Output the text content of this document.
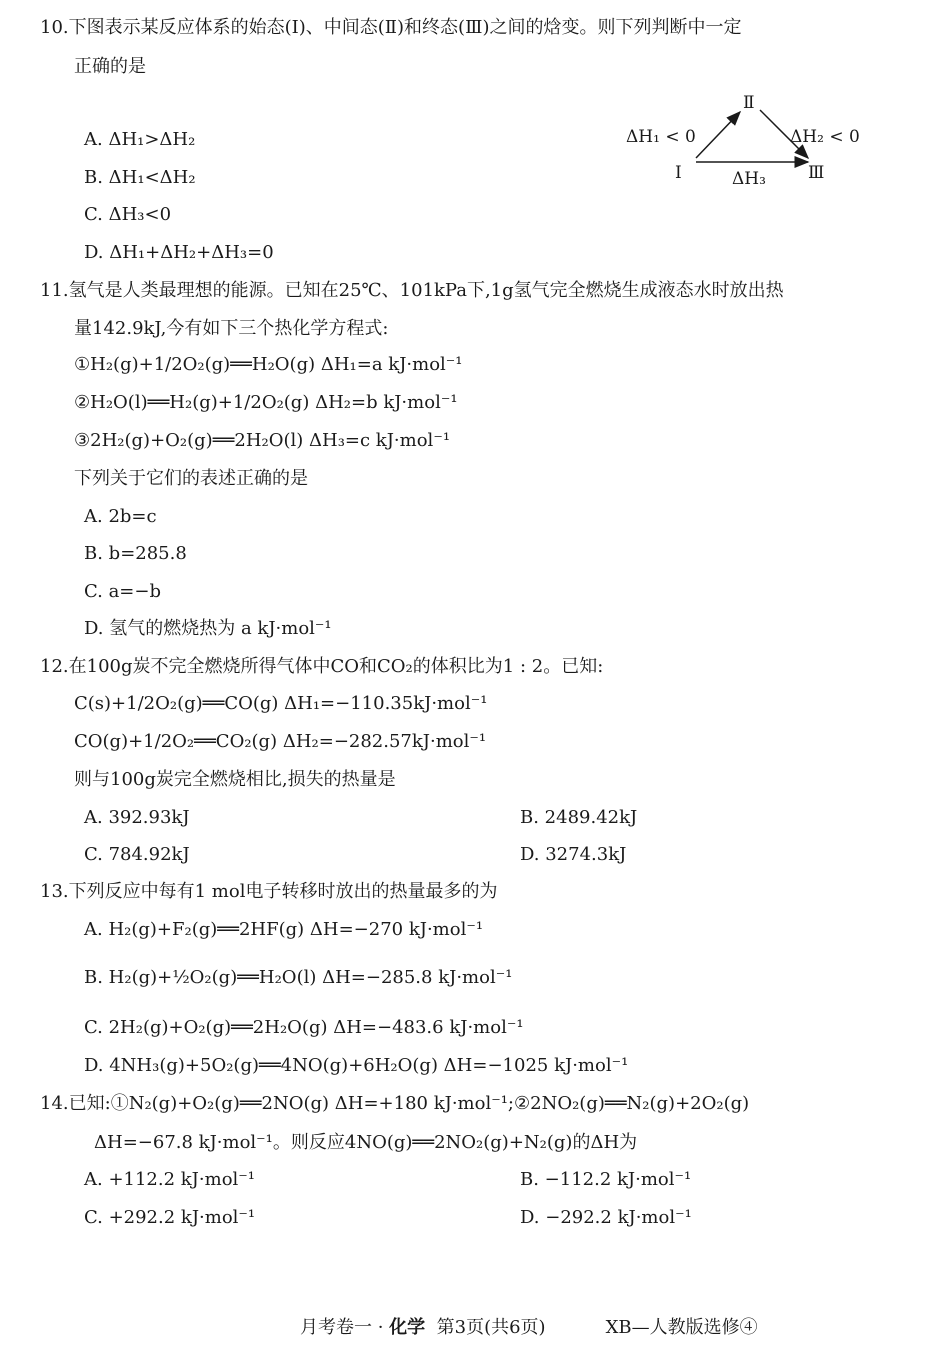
10.下图表示某反应体系的始态(Ⅰ)、中间态(Ⅱ)和终态(Ⅲ)之间的焓变。则下列判断中一定
正确的是
A. ΔH₁>ΔH₂
B. ΔH₁<ΔH₂
C. ΔH₃<0
D. ΔH₁+ΔH₂+ΔH₃=0
Ⅱ
Ⅰ	Ⅲ
ΔH₁ < 0	ΔH₂ < 0
ΔH₃
11.氢气是人类最理想的能源。已知在25℃、101kPa下,1g氢气完全燃烧生成液态水时放出热
量142.9kJ,今有如下三个热化学方程式:
①H₂(g)+1/2O₂(g)══H₂O(g) ΔH₁=a kJ·mol⁻¹
②H₂O(l)══H₂(g)+1/2O₂(g) ΔH₂=b kJ·mol⁻¹
③2H₂(g)+O₂(g)══2H₂O(l) ΔH₃=c kJ·mol⁻¹
下列关于它们的表述正确的是
A. 2b=c
B. b=285.8
C. a=−b
D. 氢气的燃烧热为 a kJ·mol⁻¹
12.在100g炭不完全燃烧所得气体中CO和CO₂的体积比为1 : 2。已知:
C(s)+1/2O₂(g)══CO(g) ΔH₁=−110.35kJ·mol⁻¹
CO(g)+1/2O₂══CO₂(g) ΔH₂=−282.57kJ·mol⁻¹
则与100g炭完全燃烧相比,损失的热量是
A. 392.93kJ	B. 2489.42kJ
C. 784.92kJ	D. 3274.3kJ
13.下列反应中每有1 mol电子转移时放出的热量最多的为
A. H₂(g)+F₂(g)══2HF(g) ΔH=−270 kJ·mol⁻¹
B. H₂(g)+½O₂(g)══H₂O(l) ΔH=−285.8 kJ·mol⁻¹
C. 2H₂(g)+O₂(g)══2H₂O(g) ΔH=−483.6 kJ·mol⁻¹
D. 4NH₃(g)+5O₂(g)══4NO(g)+6H₂O(g) ΔH=−1025 kJ·mol⁻¹
14.已知:①N₂(g)+O₂(g)══2NO(g) ΔH=+180 kJ·mol⁻¹;②2NO₂(g)══N₂(g)+2O₂(g)
ΔH=−67.8 kJ·mol⁻¹。则反应4NO(g)══2NO₂(g)+N₂(g)的ΔH为
A. +112.2 kJ·mol⁻¹	B. −112.2 kJ·mol⁻¹
C. +292.2 kJ·mol⁻¹	D. −292.2 kJ·mol⁻¹
月考卷一 · 化学  第3页(共6页)	XB—人教版选修④
